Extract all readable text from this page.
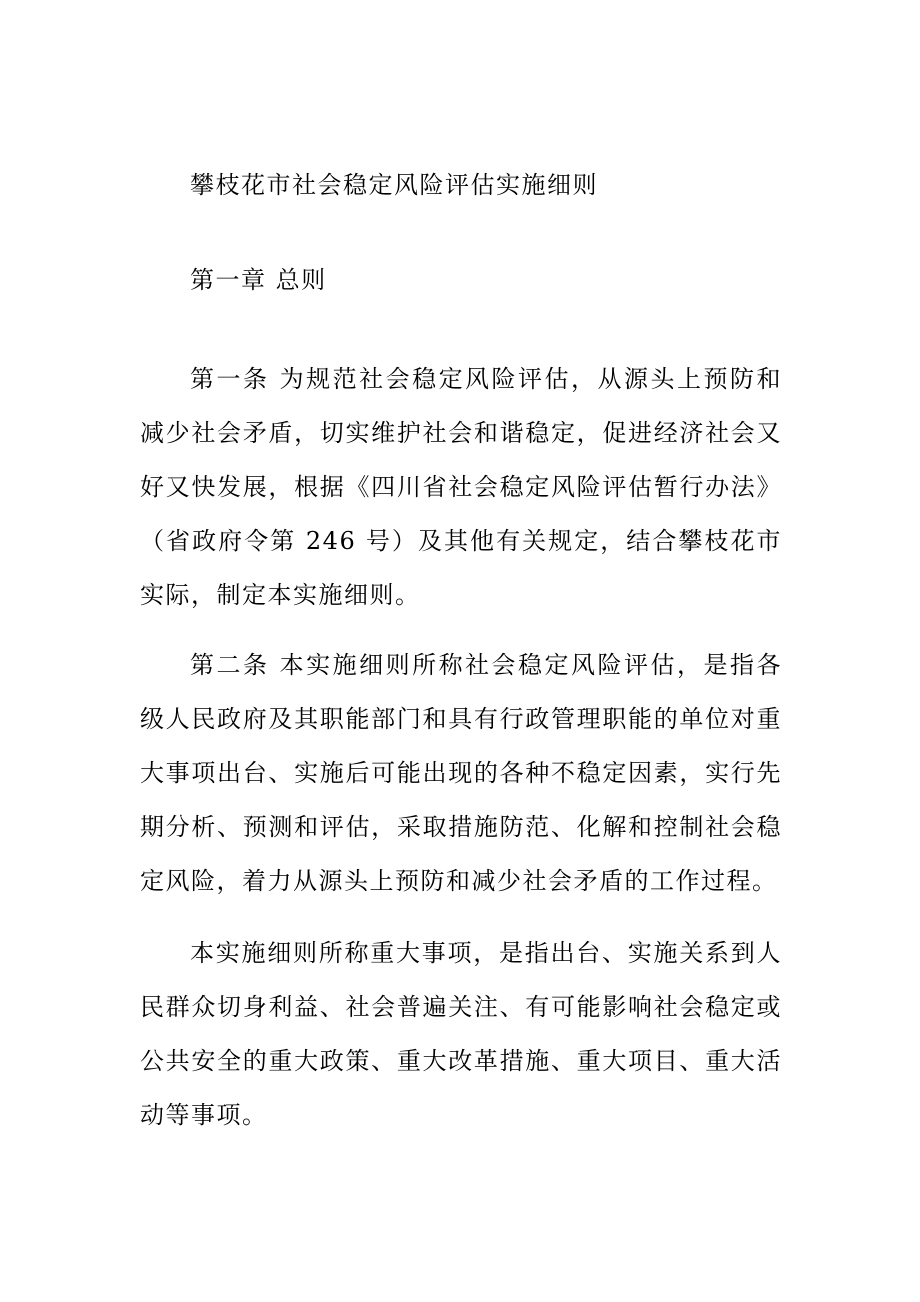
攀枝花市社会稳定风险评估实施细则

第一章 总则

第一条 为规范社会稳定风险评估，从源头上预防和减少社会矛盾，切实维护社会和谐稳定，促进经济社会又好又快发展，根据《四川省社会稳定风险评估暂行办法》（省政府令第 246 号）及其他有关规定，结合攀枝花市实际，制定本实施细则。

第二条 本实施细则所称社会稳定风险评估，是指各级人民政府及其职能部门和具有行政管理职能的单位对重大事项出台、实施后可能出现的各种不稳定因素，实行先期分析、预测和评估，采取措施防范、化解和控制社会稳定风险，着力从源头上预防和减少社会矛盾的工作过程。

本实施细则所称重大事项，是指出台、实施关系到人民群众切身利益、社会普遍关注、有可能影响社会稳定或公共安全的重大政策、重大改革措施、重大项目、重大活动等事项。
